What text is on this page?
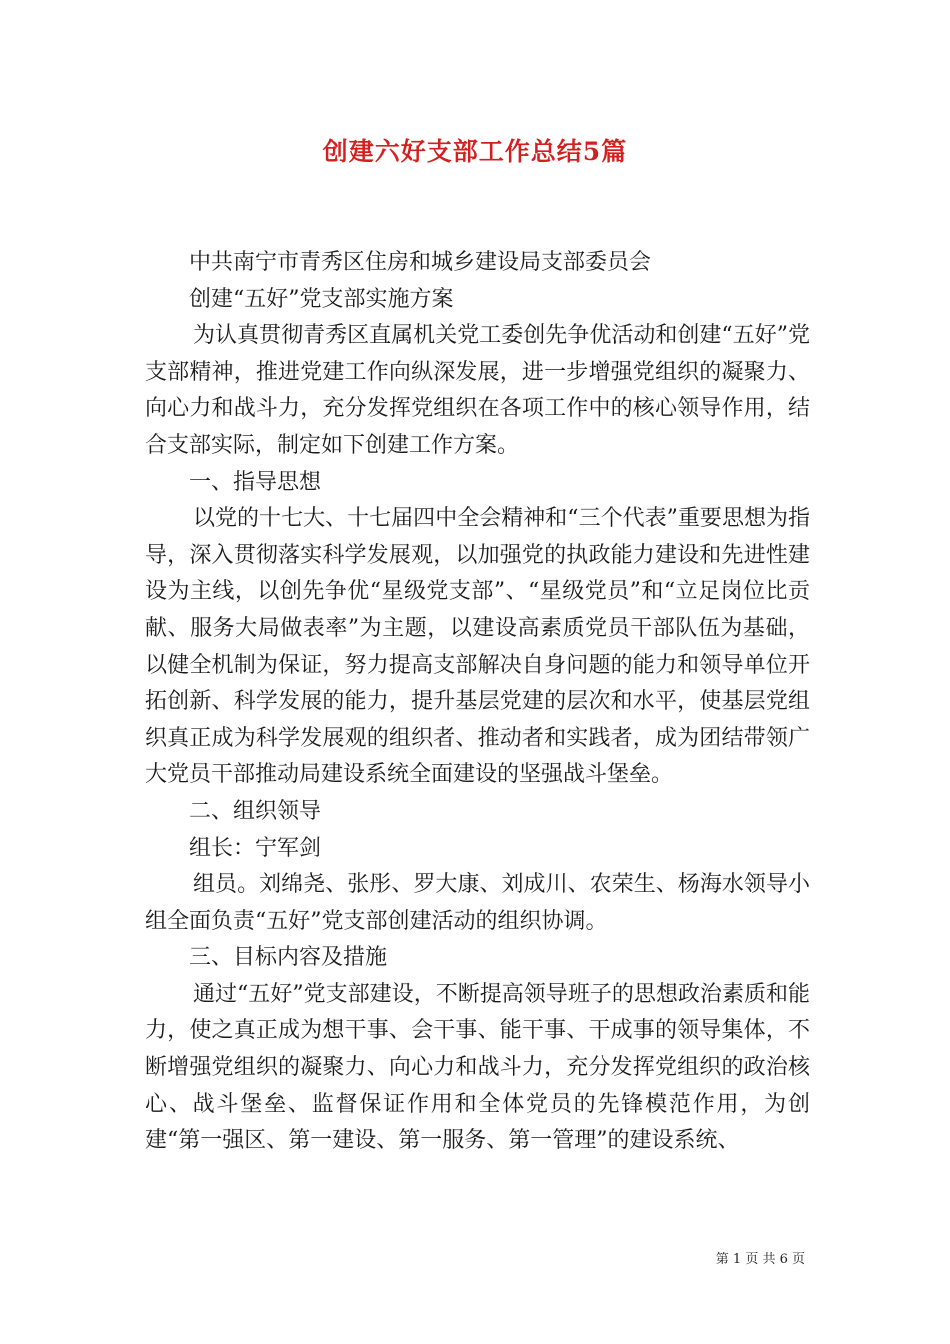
创建六好支部工作总结5篇

中共南宁市青秀区住房和城乡建设局支部委员会

创建“五好”党支部实施方案

为认真贯彻青秀区直属机关党工委创先争优活动和创建“五好”党支部精神，推进党建工作向纵深发展，进一步增强党组织的凝聚力、向心力和战斗力，充分发挥党组织在各项工作中的核心领导作用，结合支部实际，制定如下创建工作方案。

一、指导思想

以党的十七大、十七届四中全会精神和“三个代表”重要思想为指导，深入贯彻落实科学发展观，以加强党的执政能力建设和先进性建设为主线，以创先争优“星级党支部”、“星级党员”和“立足岗位比贡献、服务大局做表率”为主题，以建设高素质党员干部队伍为基础，以健全机制为保证，努力提高支部解决自身问题的能力和领导单位开拓创新、科学发展的能力，提升基层党建的层次和水平，使基层党组织真正成为科学发展观的组织者、推动者和实践者，成为团结带领广大党员干部推动局建设系统全面建设的坚强战斗堡垒。

二、组织领导

组长：宁军剑

组员。刘绵尧、张彤、罗大康、刘成川、农荣生、杨海水领导小组全面负责“五好”党支部创建活动的组织协调。

三、目标内容及措施

通过“五好”党支部建设，不断提高领导班子的思想政治素质和能力，使之真正成为想干事、会干事、能干事、干成事的领导集体，不断增强党组织的凝聚力、向心力和战斗力，充分发挥党组织的政治核心、战斗堡垒、监督保证作用和全体党员的先锋模范作用，为创建“第一强区、第一建设、第一服务、第一管理”的建设系统、

第 1 页 共 6 页
